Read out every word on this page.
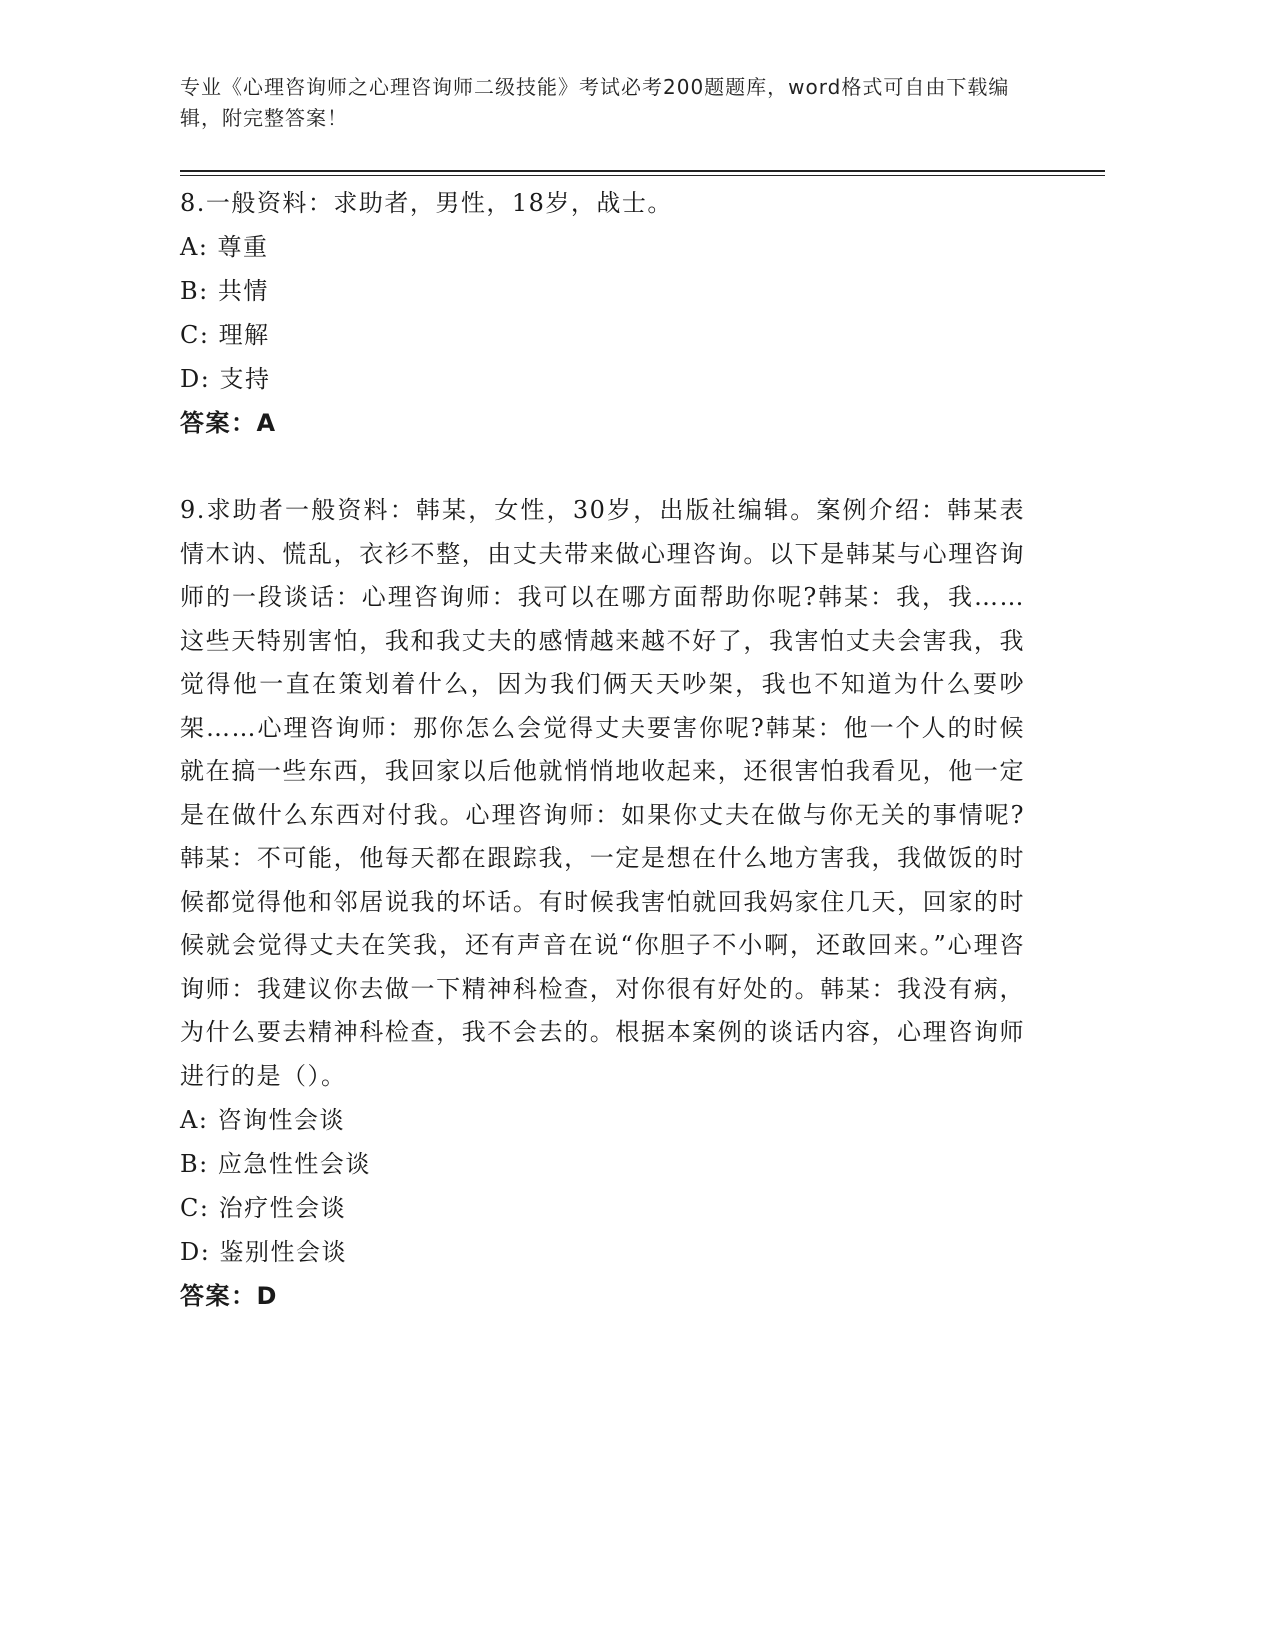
专业《心理咨询师之心理咨询师二级技能》考试必考200题题库，word格式可自由下载编辑，附完整答案！
8.一般资料：求助者，男性，18岁，战士。
A: 尊重
B: 共情
C: 理解
D: 支持
答案：A
9.求助者一般资料：韩某，女性，30岁，出版社编辑。案例介绍：韩某表情木讷、慌乱，衣衫不整，由丈夫带来做心理咨询。以下是韩某与心理咨询师的一段谈话：心理咨询师：我可以在哪方面帮助你呢?韩某：我，我……这些天特别害怕，我和我丈夫的感情越来越不好了，我害怕丈夫会害我，我觉得他一直在策划着什么，因为我们俩天天吵架，我也不知道为什么要吵架……心理咨询师：那你怎么会觉得丈夫要害你呢?韩某：他一个人的时候就在搞一些东西，我回家以后他就悄悄地收起来，还很害怕我看见，他一定是在做什么东西对付我。心理咨询师：如果你丈夫在做与你无关的事情呢?韩某：不可能，他每天都在跟踪我，一定是想在什么地方害我，我做饭的时候都觉得他和邻居说我的坏话。有时候我害怕就回我妈家住几天，回家的时候就会觉得丈夫在笑我，还有声音在说“你胆子不小啊，还敢回来。”心理咨询师：我建议你去做一下精神科检查，对你很有好处的。韩某：我没有病，为什么要去精神科检查，我不会去的。根据本案例的谈话内容，心理咨询师进行的是（）。
A: 咨询性会谈
B: 应急性性会谈
C: 治疗性会谈
D: 鉴别性会谈
答案：D
